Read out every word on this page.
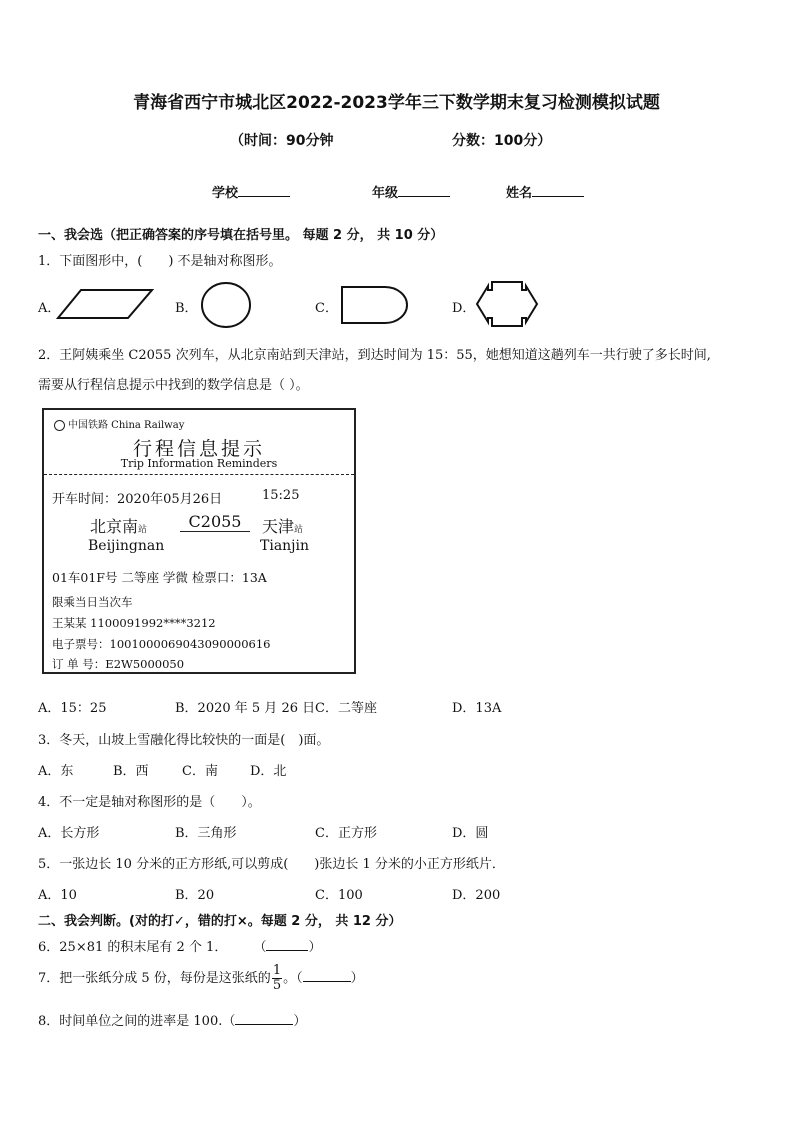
青海省西宁市城北区2022-2023学年三下数学期末复习检测模拟试题
（时间：90分钟	分数：100分）
学校	年级	姓名
一、我会选（把正确答案的序号填在括号里。 每题 2 分， 共 10 分）
1．下面图形中，(　　) 不是轴对称图形。
A．	B．	C．	D．
2．王阿姨乘坐 C2055 次列车，从北京南站到天津站，到达时间为 15：55，她想知道这趟列车一共行驶了多长时间,
需要从行程信息提示中找到的数学信息是（ ）。
中国铁路 China Railway
行程信息提示
Trip Information Reminders
开车时间：2020年05月26日	15:25
北京南站	C2055	天津站
Beijingnan	Tianjin
01车01F号 二等座 学微 检票口：13A
限乘当日当次车
王某某 1100091992****3212
电子票号：1001000069043090000616
订 单 号：E2W5000050
A．15：25	B．2020 年 5 月 26 日 C．二等座	D．13A
3．冬天，山坡上雪融化得比较快的一面是(　)面。
A．东	B．西	C．南 D．北
4．不一定是轴对称图形的是（　　）。
A．长方形	B．三角形	C．正方形	D．圆
5．一张边长 10 分米的正方形纸,可以剪成(　　)张边长 1 分米的小正方形纸片．
A．10	B．20	C．100	D．200
二、我会判断。(对的打✓，错的打×。每题 2 分， 共 12 分）
6．25×81 的积末尾有 2 个 1． （	）
7．把一张纸分成 5 份，每份是这张纸的 $\frac{1}{5}$ 。（	）
8．时间单位之间的进率是 100.（	）
